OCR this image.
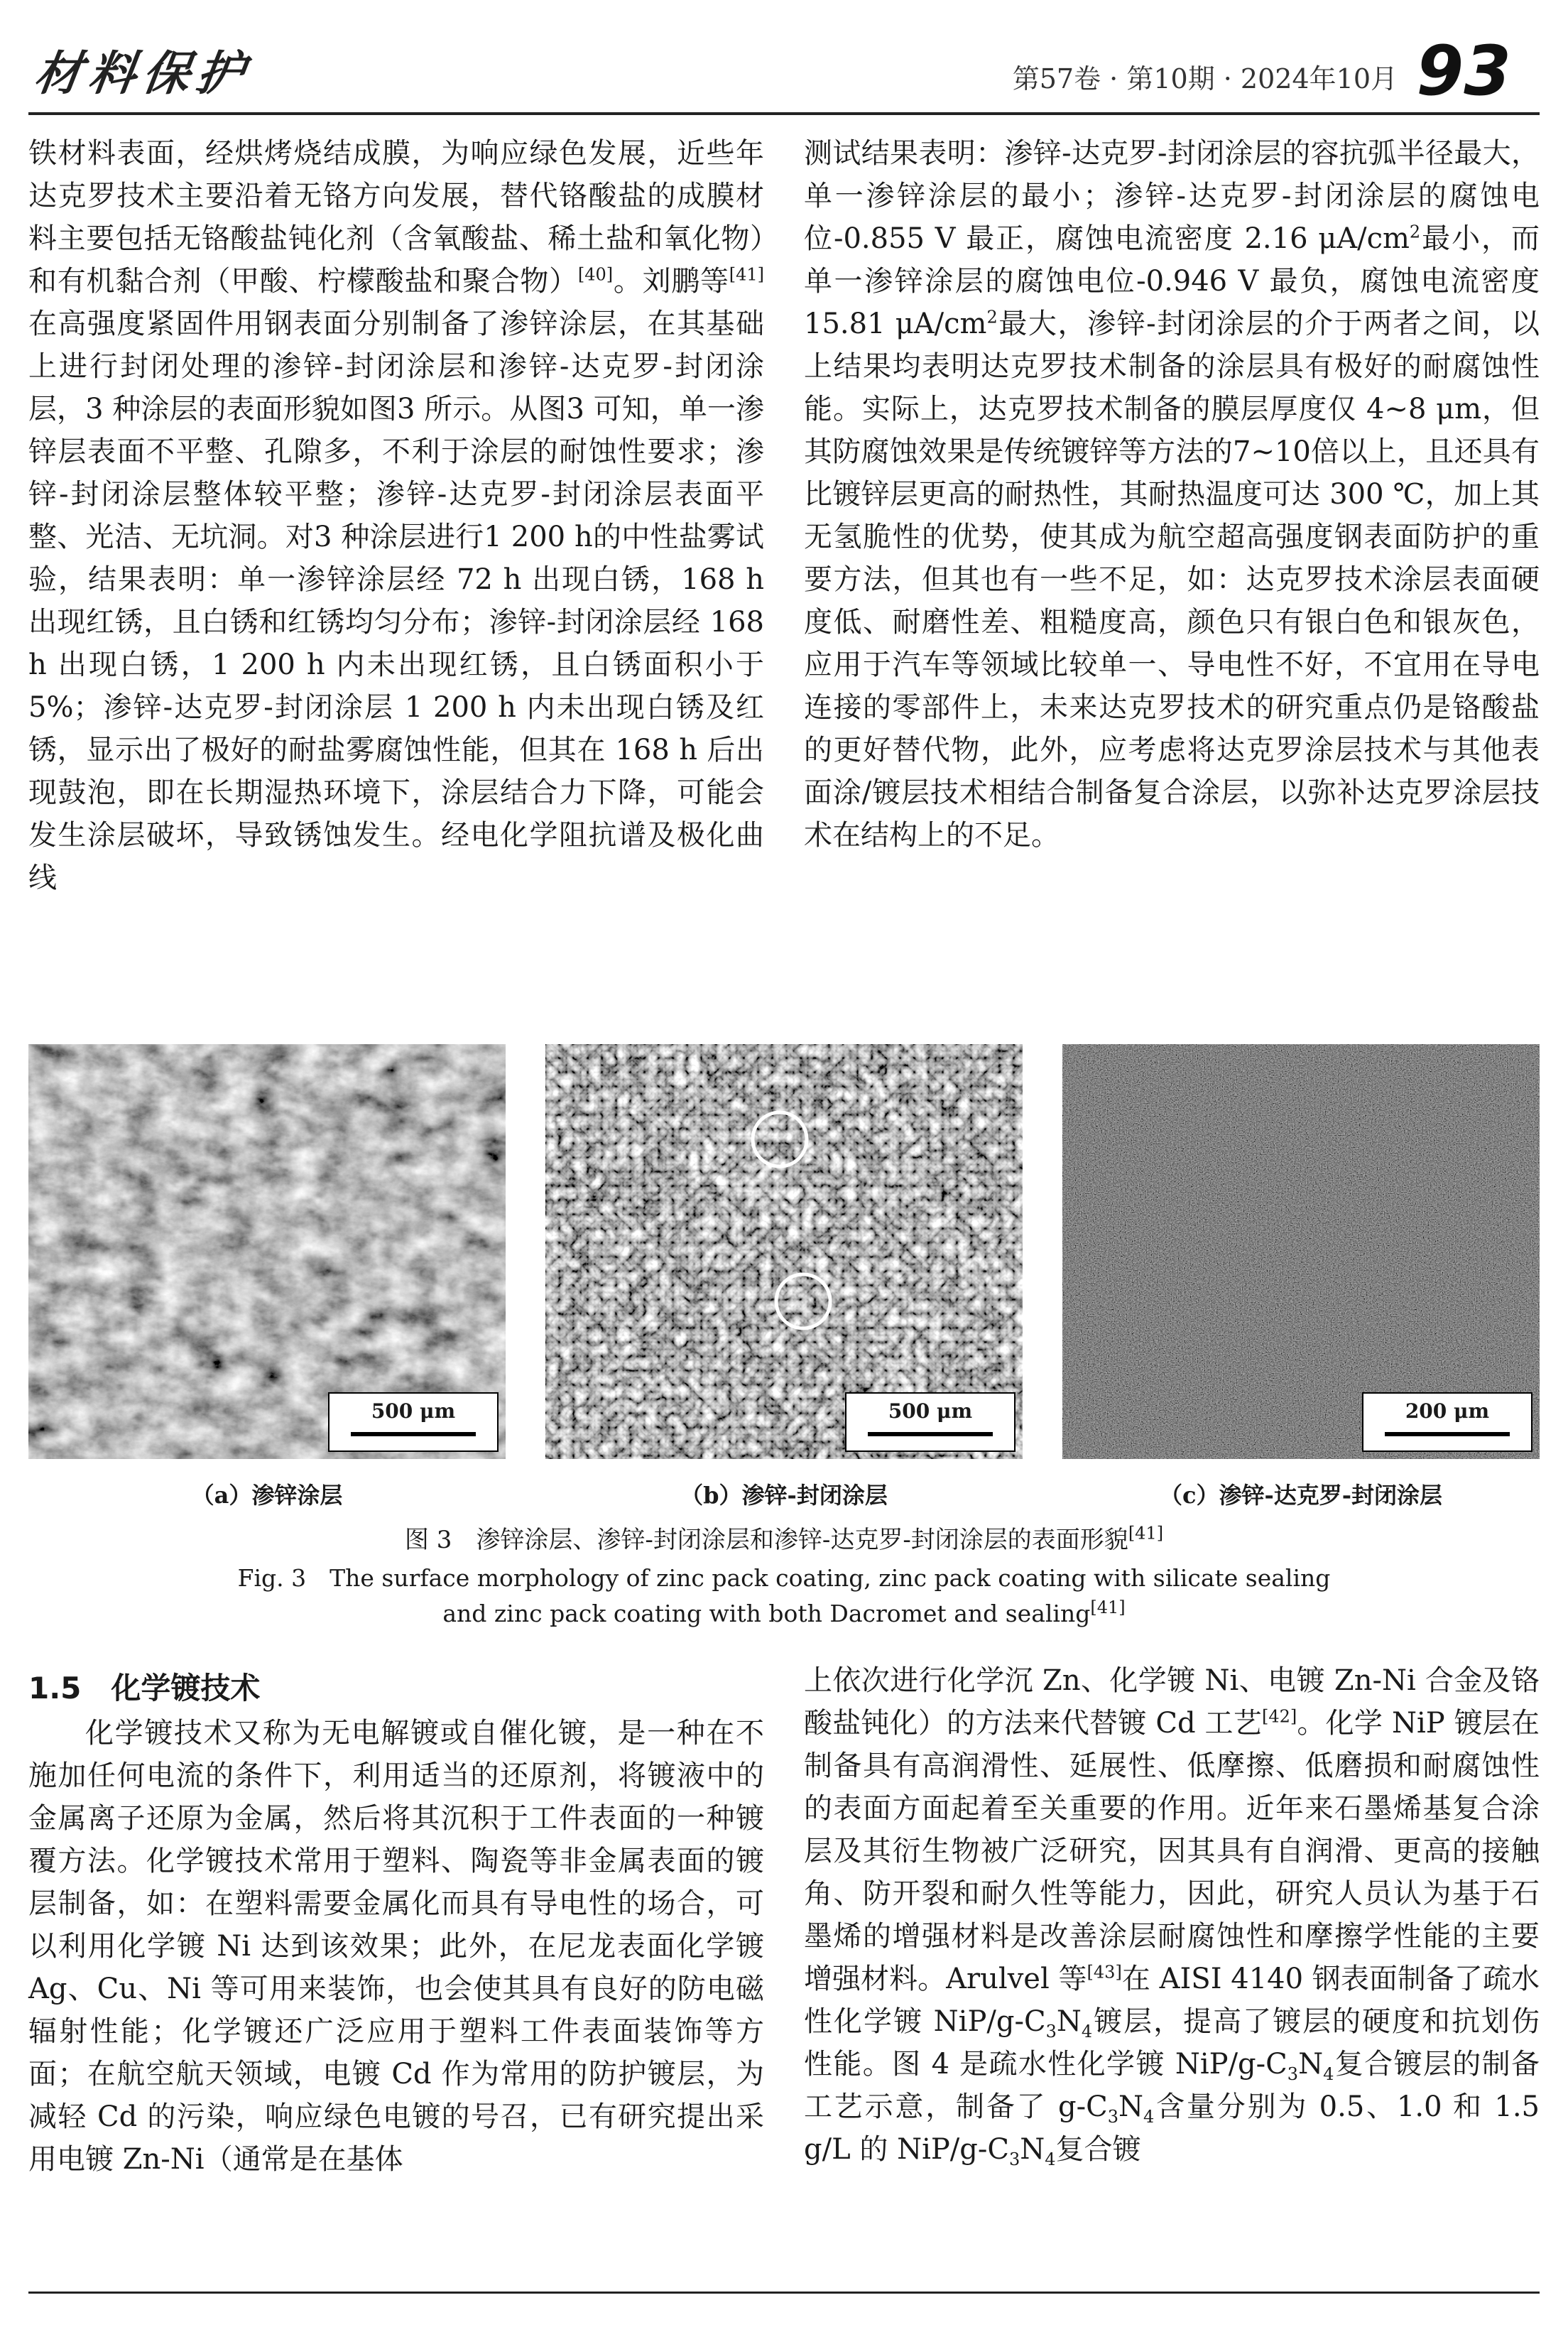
材料保护	第57卷 · 第10期 · 2024年10月 93

铁材料表面，经烘烤烧结成膜，为响应绿色发展，近些年达克罗技术主要沿着无铬方向发展，替代铬酸盐的成膜材料主要包括无铬酸盐钝化剂（含氧酸盐、稀土盐和氧化物）和有机黏合剂（甲酸、柠檬酸盐和聚合物）[40]。刘鹏等[41]在高强度紧固件用钢表面分别制备了渗锌涂层，在其基础上进行封闭处理的渗锌-封闭涂层和渗锌-达克罗-封闭涂层，3 种涂层的表面形貌如图3 所示。从图3 可知，单一渗锌层表面不平整、孔隙多，不利于涂层的耐蚀性要求；渗锌-封闭涂层整体较平整；渗锌-达克罗-封闭涂层表面平整、光洁、无坑洞。对3 种涂层进行1 200 h的中性盐雾试验，结果表明：单一渗锌涂层经 72 h 出现白锈，168 h 出现红锈，且白锈和红锈均匀分布；渗锌-封闭涂层经 168 h 出现白锈，1 200 h 内未出现红锈，且白锈面积小于 5%；渗锌-达克罗-封闭涂层 1 200 h 内未出现白锈及红锈，显示出了极好的耐盐雾腐蚀性能，但其在 168 h 后出现鼓泡，即在长期湿热环境下，涂层结合力下降，可能会发生涂层破坏，导致锈蚀发生。经电化学阻抗谱及极化曲线

测试结果表明：渗锌-达克罗-封闭涂层的容抗弧半径最大，单一渗锌涂层的最小；渗锌-达克罗-封闭涂层的腐蚀电位-0.855 V 最正，腐蚀电流密度 2.16 $\mu A/cm^2$最小，而单一渗锌涂层的腐蚀电位-0.946 V 最负，腐蚀电流密度 15.81 $\mu A/cm^2$最大，渗锌-封闭涂层的介于两者之间，以上结果均表明达克罗技术制备的涂层具有极好的耐腐蚀性能。实际上，达克罗技术制备的膜层厚度仅 4~8 μm，但其防腐蚀效果是传统镀锌等方法的7~10倍以上，且还具有比镀锌层更高的耐热性，其耐热温度可达 300 ℃，加上其无氢脆性的优势，使其成为航空超高强度钢表面防护的重要方法，但其也有一些不足，如：达克罗技术涂层表面硬度低、耐磨性差、粗糙度高，颜色只有银白色和银灰色，应用于汽车等领域比较单一、导电性不好，不宜用在导电连接的零部件上，未来达克罗技术的研究重点仍是铬酸盐的更好替代物，此外，应考虑将达克罗涂层技术与其他表面涂/镀层技术相结合制备复合涂层，以弥补达克罗涂层技术在结构上的不足。

500 μm	500 μm	200 μm
（a）渗锌涂层	（b）渗锌-封闭涂层	（c）渗锌-达克罗-封闭涂层
图 3　渗锌涂层、渗锌-封闭涂层和渗锌-达克罗-封闭涂层的表面形貌[41]
Fig. 3　The surface morphology of zinc pack coating, zinc pack coating with silicate sealing
and zinc pack coating with both Dacromet and sealing[41]
1.5　化学镀技术

化学镀技术又称为无电解镀或自催化镀，是一种在不施加任何电流的条件下，利用适当的还原剂，将镀液中的金属离子还原为金属，然后将其沉积于工件表面的一种镀覆方法。化学镀技术常用于塑料、陶瓷等非金属表面的镀层制备，如：在塑料需要金属化而具有导电性的场合，可以利用化学镀 Ni 达到该效果；此外，在尼龙表面化学镀 Ag、Cu、Ni 等可用来装饰，也会使其具有良好的防电磁辐射性能；化学镀还广泛应用于塑料工件表面装饰等方面；在航空航天领域，电镀 Cd 作为常用的防护镀层，为减轻 Cd 的污染，响应绿色电镀的号召，已有研究提出采用电镀 Zn-Ni（通常是在基体

上依次进行化学沉 Zn、化学镀 Ni、电镀 Zn-Ni 合金及铬酸盐钝化）的方法来代替镀 Cd 工艺[42]。化学 NiP 镀层在制备具有高润滑性、延展性、低摩擦、低磨损和耐腐蚀性的表面方面起着至关重要的作用。近年来石墨烯基复合涂层及其衍生物被广泛研究，因其具有自润滑、更高的接触角、防开裂和耐久性等能力，因此，研究人员认为基于石墨烯的增强材料是改善涂层耐腐蚀性和摩擦学性能的主要增强材料。Arulvel 等[43]在 AISI 4140 钢表面制备了疏水性化学镀 NiP/$g-C_3N_4$镀层，提高了镀层的硬度和抗划伤性能。图 4 是疏水性化学镀 NiP/$g-C_3N_4$复合镀层的制备工艺示意，制备了 $g-C_3N_4$含量分别为 0.5、1.0 和 1.5 g/L 的 NiP/$g-C_3N_4$复合镀
